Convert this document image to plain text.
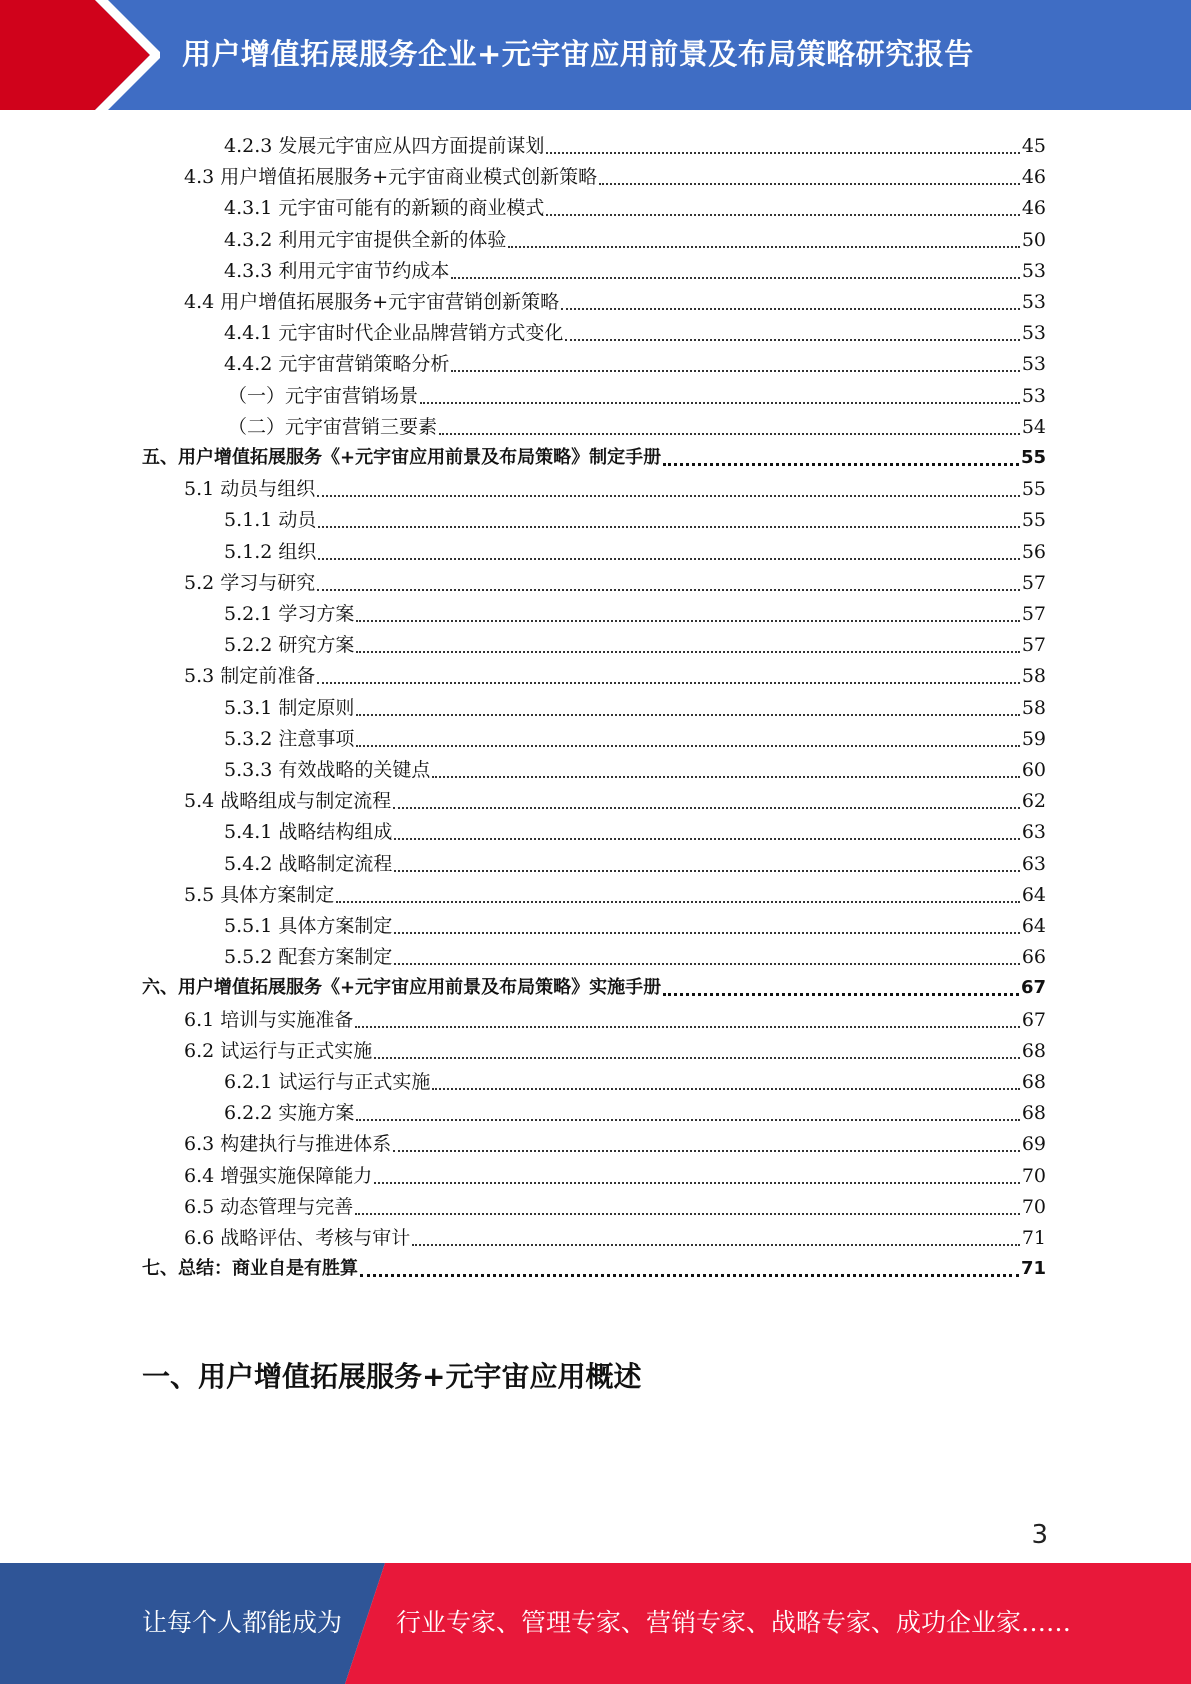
用户增值拓展服务企业+元宇宙应用前景及布局策略研究报告
4.2.3 发展元宇宙应从四方面提前谋划	45
4.3 用户增值拓展服务+元宇宙商业模式创新策略	46
4.3.1 元宇宙可能有的新颖的商业模式	46
4.3.2 利用元宇宙提供全新的体验	50
4.3.3 利用元宇宙节约成本	53
4.4 用户增值拓展服务+元宇宙营销创新策略	53
4.4.1 元宇宙时代企业品牌营销方式变化	53
4.4.2 元宇宙营销策略分析	53
（一）元宇宙营销场景	53
（二）元宇宙营销三要素	54
五、用户增值拓展服务《+元宇宙应用前景及布局策略》制定手册	55
5.1 动员与组织	55
5.1.1 动员	55
5.1.2 组织	56
5.2 学习与研究	57
5.2.1 学习方案	57
5.2.2 研究方案	57
5.3 制定前准备	58
5.3.1 制定原则	58
5.3.2 注意事项	59
5.3.3 有效战略的关键点	60
5.4 战略组成与制定流程	62
5.4.1 战略结构组成	63
5.4.2 战略制定流程	63
5.5 具体方案制定	64
5.5.1 具体方案制定	64
5.5.2 配套方案制定	66
六、用户增值拓展服务《+元宇宙应用前景及布局策略》实施手册	67
6.1 培训与实施准备	67
6.2 试运行与正式实施	68
6.2.1 试运行与正式实施	68
6.2.2 实施方案	68
6.3 构建执行与推进体系	69
6.4 增强实施保障能力	70
6.5 动态管理与完善	70
6.6 战略评估、考核与审计	71
七、总结：商业自是有胜算	71
一、用户增值拓展服务+元宇宙应用概述
3
让每个人都能成为 行业专家、管理专家、营销专家、战略专家、成功企业家……
